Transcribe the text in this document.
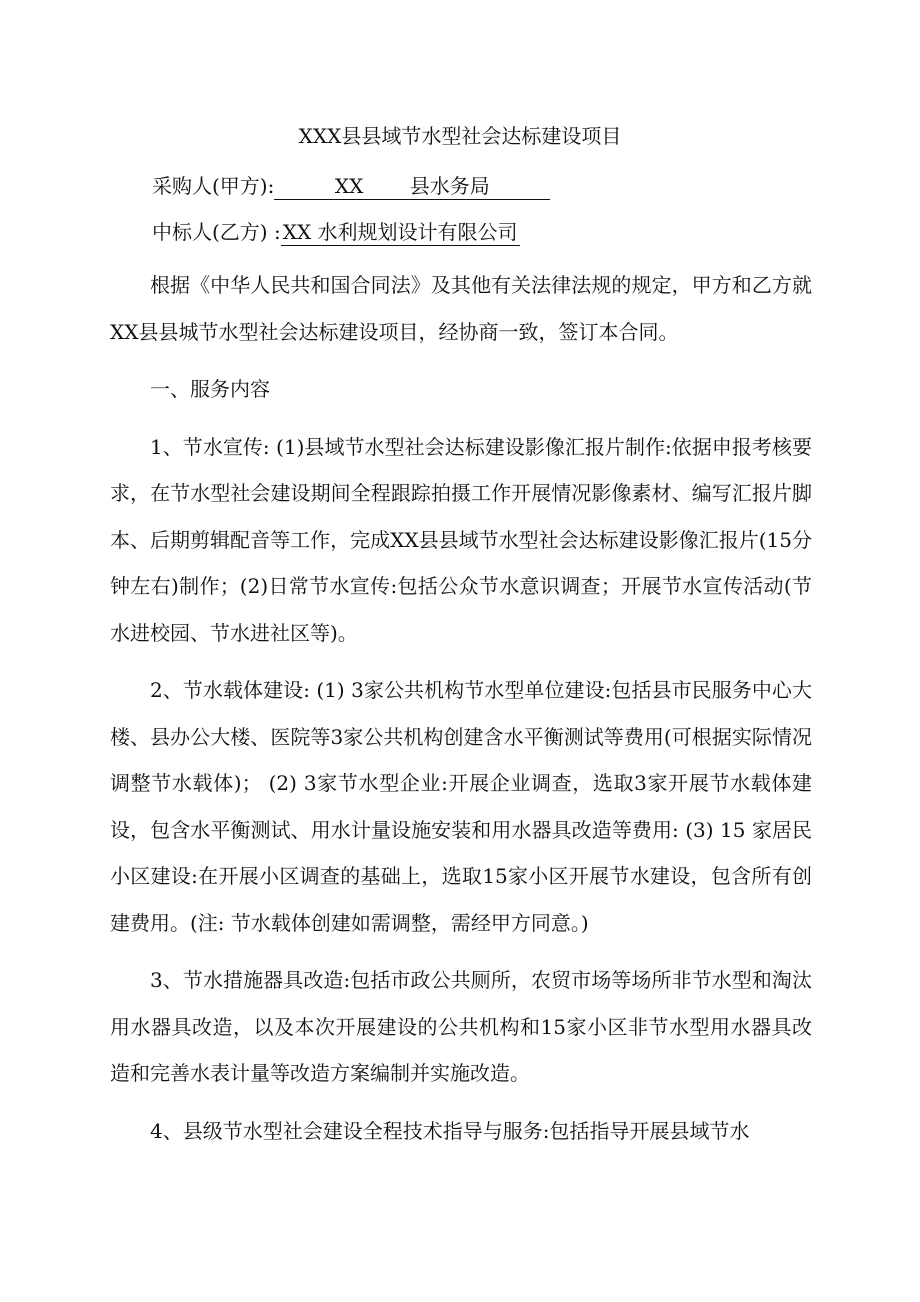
XXX县县域节水型社会达标建设项目
采购人(甲方):	XX　　 县水务局
中标人(乙方) :XX 水利规划设计有限公司

根据《中华人民共和国合同法》及其他有关法律法规的规定，甲方和乙方就XX县县城节水型社会达标建设项目，经协商一致，签订本合同。

一、服务内容

1、节水宣传: (1)县域节水型社会达标建设影像汇报片制作:依据申报考核要求，在节水型社会建设期间全程跟踪拍摄工作开展情况影像素材、编写汇报片脚本、后期剪辑配音等工作，完成XX县县域节水型社会达标建设影像汇报片(15分钟左右)制作；(2)日常节水宣传:包括公众节水意识调查；开展节水宣传活动(节水进校园、节水进社区等)。

2、节水载体建设: (1) 3家公共机构节水型单位建设:包括县市民服务中心大楼、县办公大楼、医院等3家公共机构创建含水平衡测试等费用(可根据实际情况调整节水载体)； (2) 3家节水型企业:开展企业调查，选取3家开展节水载体建设，包含水平衡测试、用水计量设施安装和用水器具改造等费用: (3) 15 家居民小区建设:在开展小区调查的基础上，选取15家小区开展节水建设，包含所有创建费用。(注: 节水载体创建如需调整，需经甲方同意。)

3、节水措施器具改造:包括市政公共厕所，农贸市场等场所非节水型和淘汰用水器具改造，以及本次开展建设的公共机构和15家小区非节水型用水器具改造和完善水表计量等改造方案编制并实施改造。

4、县级节水型社会建设全程技术指导与服务:包括指导开展县域节水
